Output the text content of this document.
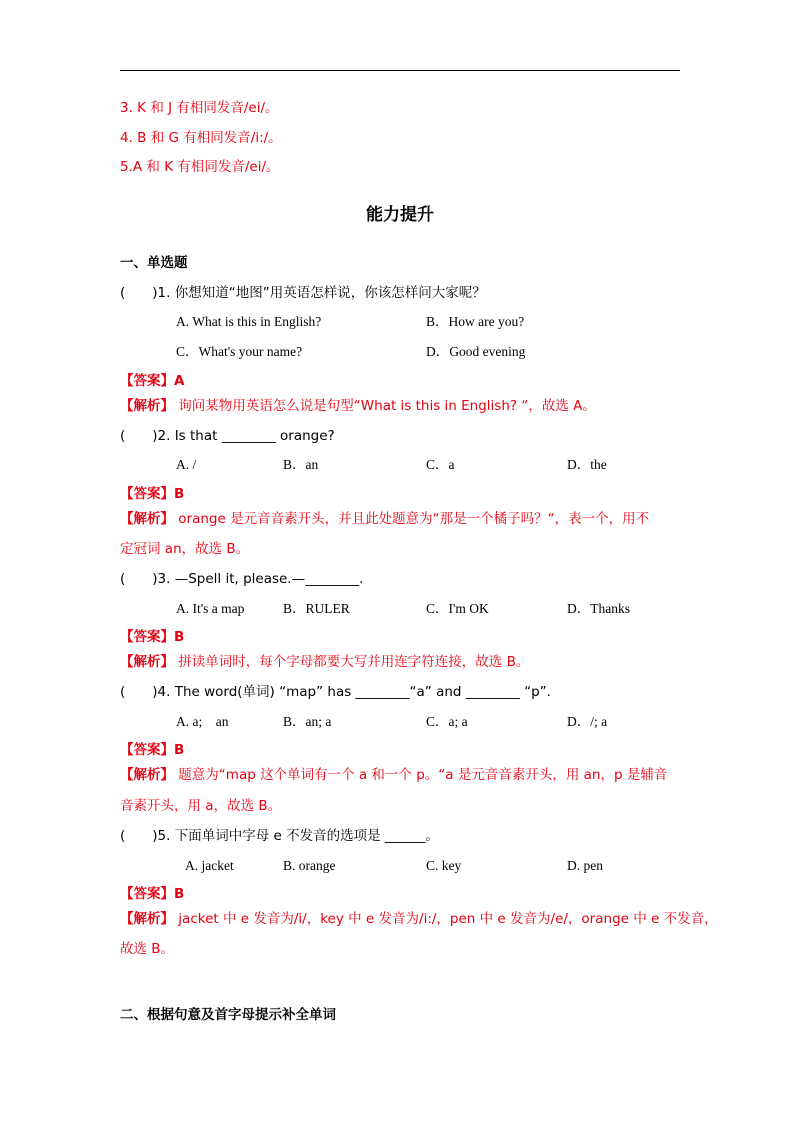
3. K 和 J 有相同发音/ei/。
4. B 和 G 有相同发音/i:/。
5.A 和 K 有相同发音/ei/。
能力提升
一、单选题
(　　)1. 你想知道“地图”用英语怎样说，你该怎样问大家呢？
A. What is this in English?	B．How are you?
C．What's your name?	D．Good evening
【答案】A
【解析】 询问某物用英语怎么说是句型“What is this in English? “，故选 A。
(　　)2. Is that ________ orange?
A. /	B．an	C．a	D．the
【答案】B
【解析】 orange 是元音音素开头，并且此处题意为“那是一个橘子吗？“，表一个，用不
定冠词 an，故选 B。
(　　)3. —Spell it, please.—________.
A. It's a map	B．RULER	C．I'm OK	D．Thanks
【答案】B
【解析】 拼读单词时，每个字母都要大写并用连字符连接，故选 B。
(　　)4. The word(单词) “map” has ________“a” and ________ “p”.
A. a;　an	B．an; a	C．a; a	D．/; a
【答案】B
【解析】 题意为“map 这个单词有一个 a 和一个 p。“a 是元音音素开头，用 an，p 是辅音
音素开头，用 a，故选 B。
(　　)5. 下面单词中字母 e 不发音的选项是 ______。
A. jacket	B. orange	C. key	D. pen
【答案】B
【解析】 jacket 中 e 发音为/i/，key 中 e 发音为/i:/，pen 中 e 发音为/e/，orange 中 e 不发音，
故选 B。
二、根据句意及首字母提示补全单词
